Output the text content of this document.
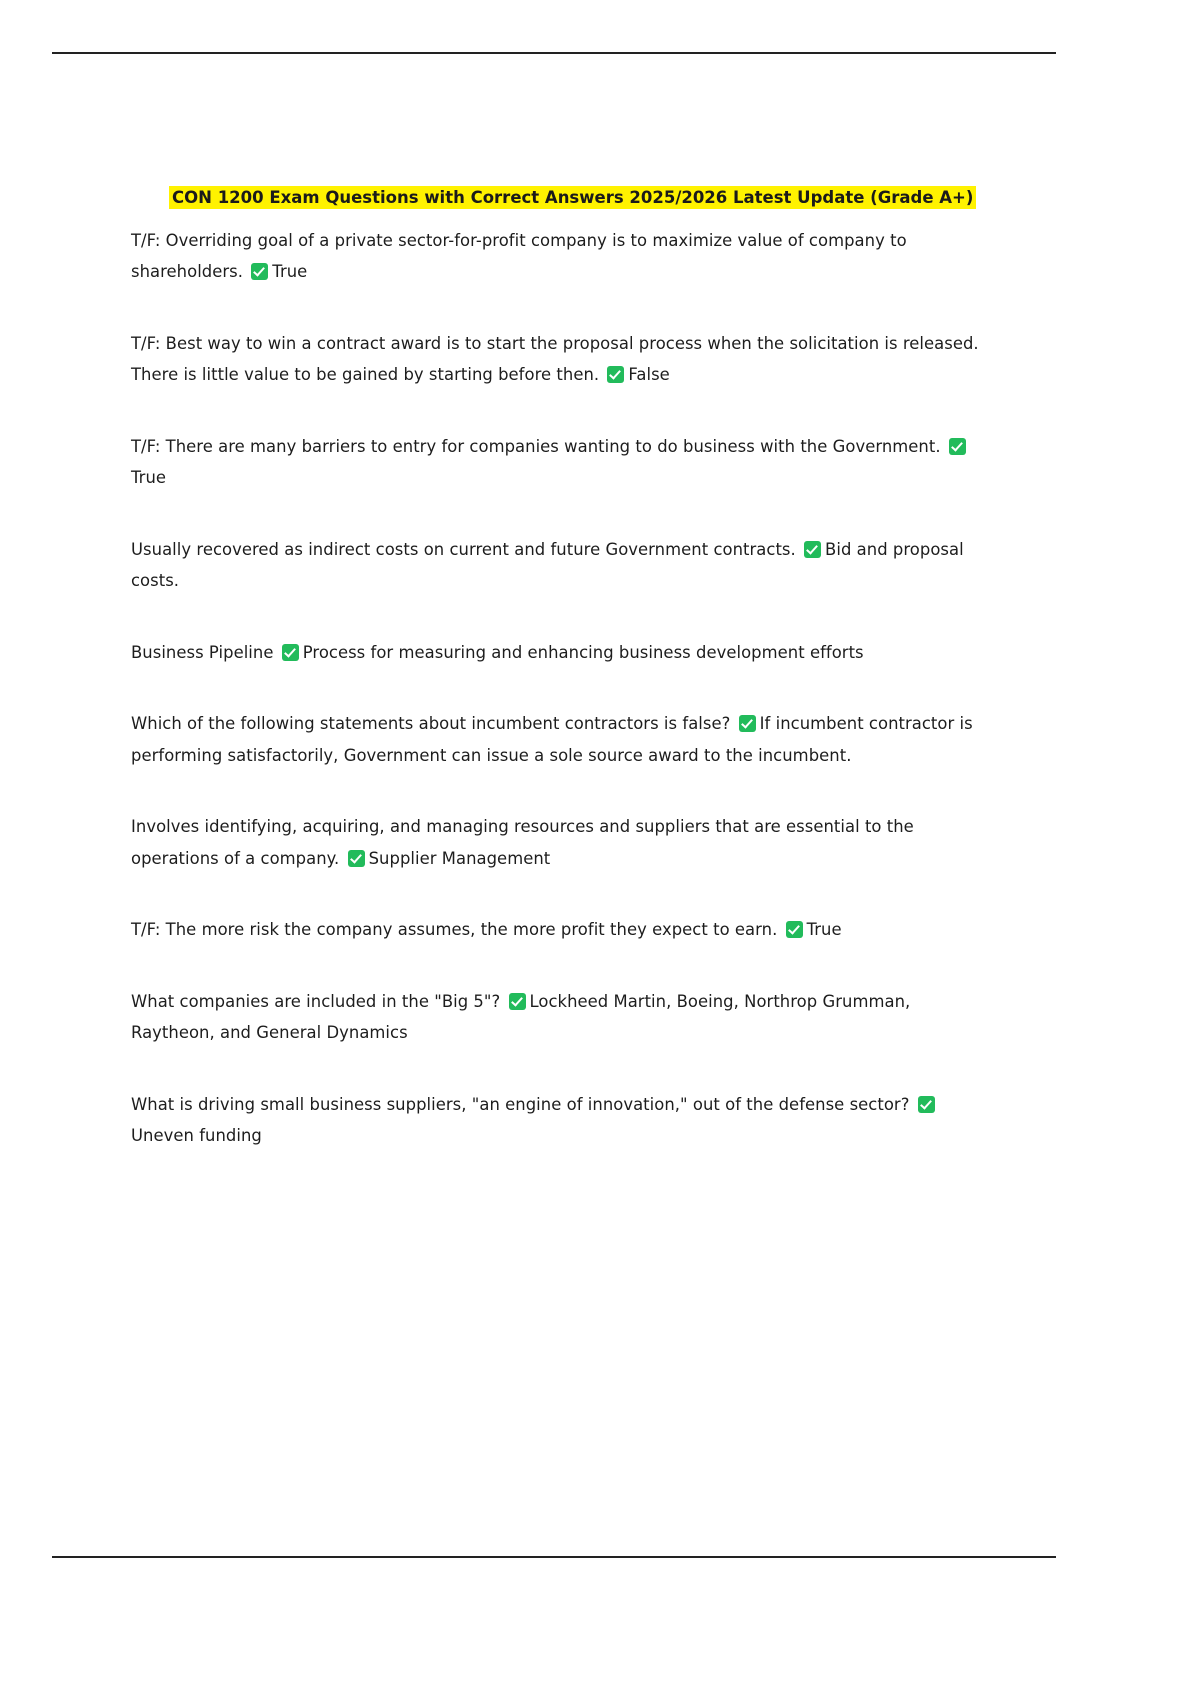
CON 1200 Exam Questions with Correct Answers 2025/2026 Latest Update (Grade A+)

T/F: Overriding goal of a private sector-for-profit company is to maximize value of company to shareholders. True

T/F: Best way to win a contract award is to start the proposal process when the solicitation is released. There is little value to be gained by starting before then. False

T/F: There are many barriers to entry for companies wanting to do business with the Government. True

Usually recovered as indirect costs on current and future Government contracts. Bid and proposal costs.

Business Pipeline Process for measuring and enhancing business development efforts

Which of the following statements about incumbent contractors is false? If incumbent contractor is performing satisfactorily, Government can issue a sole source award to the incumbent.

Involves identifying, acquiring, and managing resources and suppliers that are essential to the operations of a company. Supplier Management

T/F: The more risk the company assumes, the more profit they expect to earn. True

What companies are included in the "Big 5"? Lockheed Martin, Boeing, Northrop Grumman, Raytheon, and General Dynamics

What is driving small business suppliers, "an engine of innovation," out of the defense sector? Uneven funding
